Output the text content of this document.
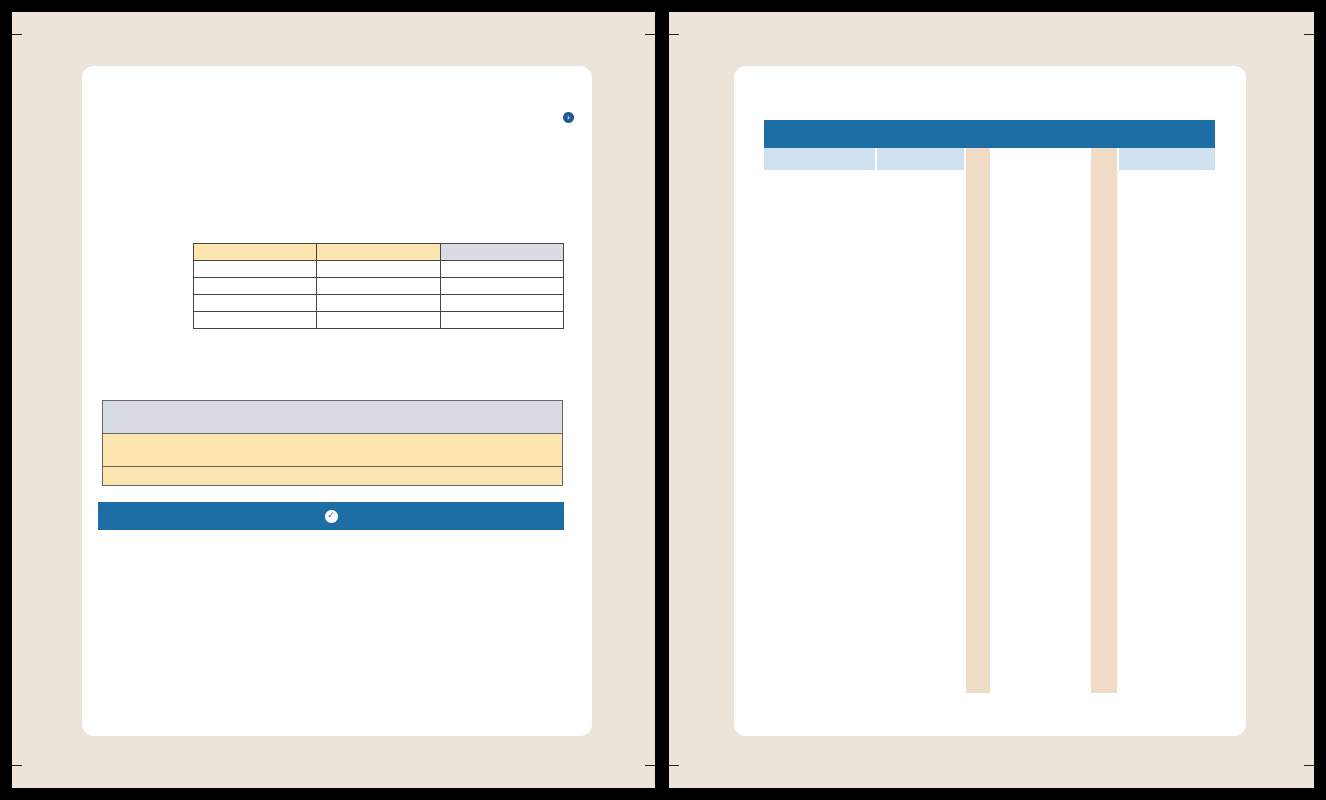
‹

✓
